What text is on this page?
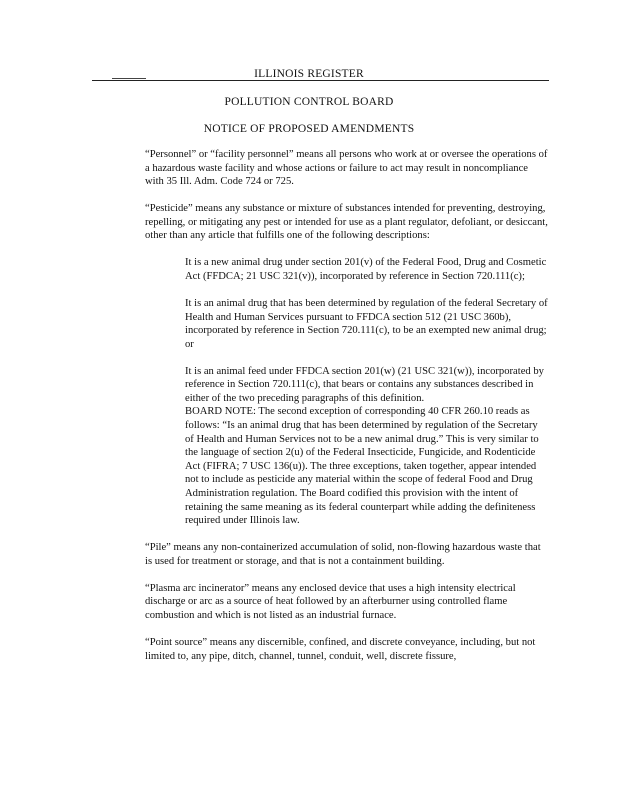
ILLINOIS REGISTER
POLLUTION CONTROL BOARD
NOTICE OF PROPOSED AMENDMENTS

“Personnel” or “facility personnel” means all persons who work at or oversee the operations of a hazardous waste facility and whose actions or failure to act may result in noncompliance with 35 Ill. Adm. Code 724 or 725.

“Pesticide” means any substance or mixture of substances intended for preventing, destroying, repelling, or mitigating any pest or intended for use as a plant regulator, defoliant, or desiccant, other than any article that fulfills one of the following descriptions:

It is a new animal drug under section 201(v) of the Federal Food, Drug and Cosmetic Act (FFDCA; 21 USC 321(v)), incorporated by reference in Section 720.111(c);

It is an animal drug that has been determined by regulation of the federal Secretary of Health and Human Services pursuant to FFDCA section 512 (21 USC 360b), incorporated by reference in Section 720.111(c), to be an exempted new animal drug; or

It is an animal feed under FFDCA section 201(w) (21 USC 321(w)), incorporated by reference in Section 720.111(c), that bears or contains any substances described in either of the two preceding paragraphs of this definition.

BOARD NOTE: The second exception of corresponding 40 CFR 260.10 reads as follows: “Is an animal drug that has been determined by regulation of the Secretary of Health and Human Services not to be a new animal drug.” This is very similar to the language of section 2(u) of the Federal Insecticide, Fungicide, and Rodenticide Act (FIFRA; 7 USC 136(u)). The three exceptions, taken together, appear intended not to include as pesticide any material within the scope of federal Food and Drug Administration regulation. The Board codified this provision with the intent of retaining the same meaning as its federal counterpart while adding the definiteness required under Illinois law.

“Pile” means any non-containerized accumulation of solid, non-flowing hazardous waste that is used for treatment or storage, and that is not a containment building.

“Plasma arc incinerator” means any enclosed device that uses a high intensity electrical discharge or arc as a source of heat followed by an afterburner using controlled flame combustion and which is not listed as an industrial furnace.

“Point source” means any discernible, confined, and discrete conveyance, including, but not limited to, any pipe, ditch, channel, tunnel, conduit, well, discrete fissure,
